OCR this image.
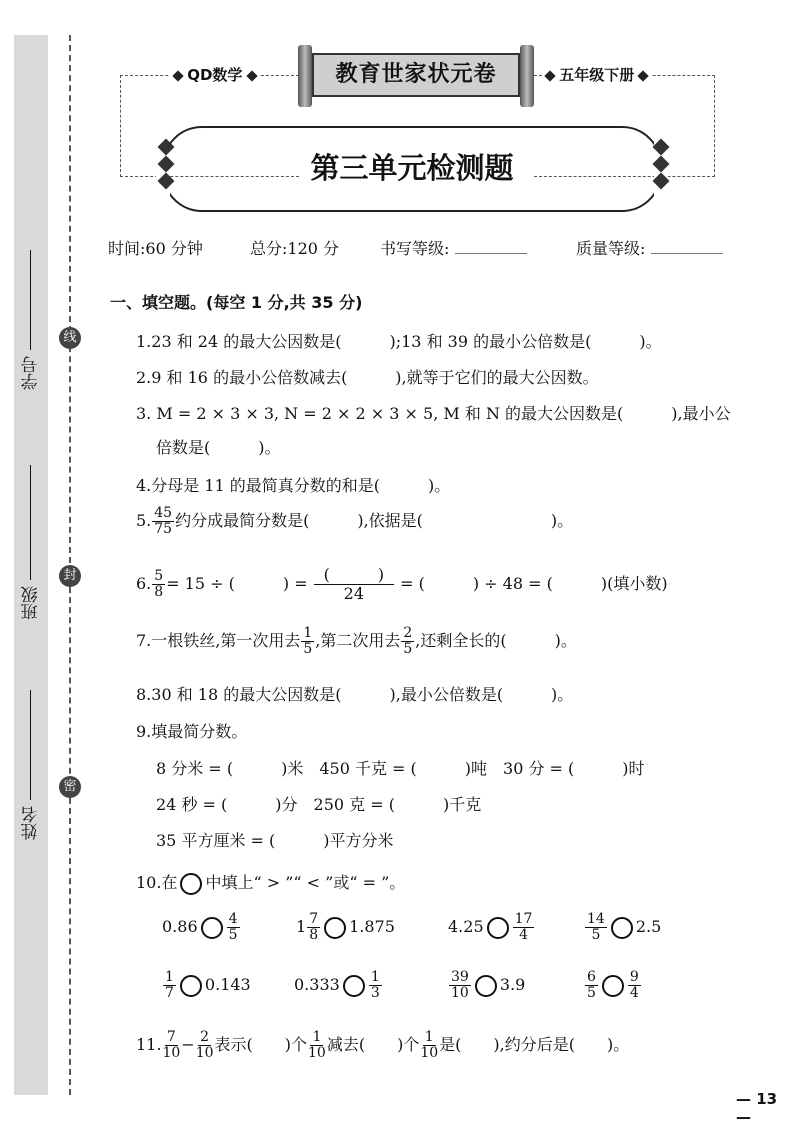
学号
班级
姓名
线
封
密
QD数学	五年级下册
教育世家状元卷
第三单元检测题
时间:60 分钟	总分:120 分	书写等级:	质量等级:
一、填空题。(每空 1 分,共 35 分)
1.23 和 24 的最大公因数是(　　　);13 和 39 的最小公倍数是(　　　)。
2.9 和 16 的最小公倍数减去(　　　),就等于它们的最大公因数。
3. M = 2 × 3 × 3, N = 2 × 2 × 3 × 5, M 和 N 的最大公因数是(　　　),最小公
倍数是(　　　)。
4.分母是 11 的最简真分数的和是(　　　)。
5. $\frac{45}{75}$ 约分成最简分数是(　　　),依据是(　　　　　　　　)。
6. $\frac{5}{8} = 15$ ÷ (　　　) = $\frac{( )}{24}$ = (　　　) ÷ 48 = (　　　)(填小数)
7.一根铁丝,第一次用去 $\frac{1}{5}$ ,第二次用去 $\frac{2}{5}$ ,还剩全长的(　　　)。
8.30 和 18 的最大公因数是(　　　),最小公倍数是(　　　)。
9.填最简分数。
8 分米 = (　　　)米　450 千克 = (　　　)吨　30 分 = (　　　)时
24 秒 = (　　　)分　250 克 = (　　　)千克
35 平方厘米 = (　　　)平方分米
10.在 中填上“ > ”“ < ”或“ = ”。
$0.86 \frac{4}{5}$	$1 \frac{7}{8} 1.875$	$4.25 \frac{17}{4}$	$\frac{14}{5} 2.5$
$\frac{1}{7} 0.143$	$0.333 \frac{1}{3}$	$\frac{39}{10} 3.9$	$\frac{6}{5} \frac{9}{4}$
11. $\frac{7}{10} - \frac{2}{10}$ 表示(　　)个 $\frac{1}{10}$ 减去(　　)个 $\frac{1}{10}$ 是(　　),约分后是(　　)。
— 13 —
